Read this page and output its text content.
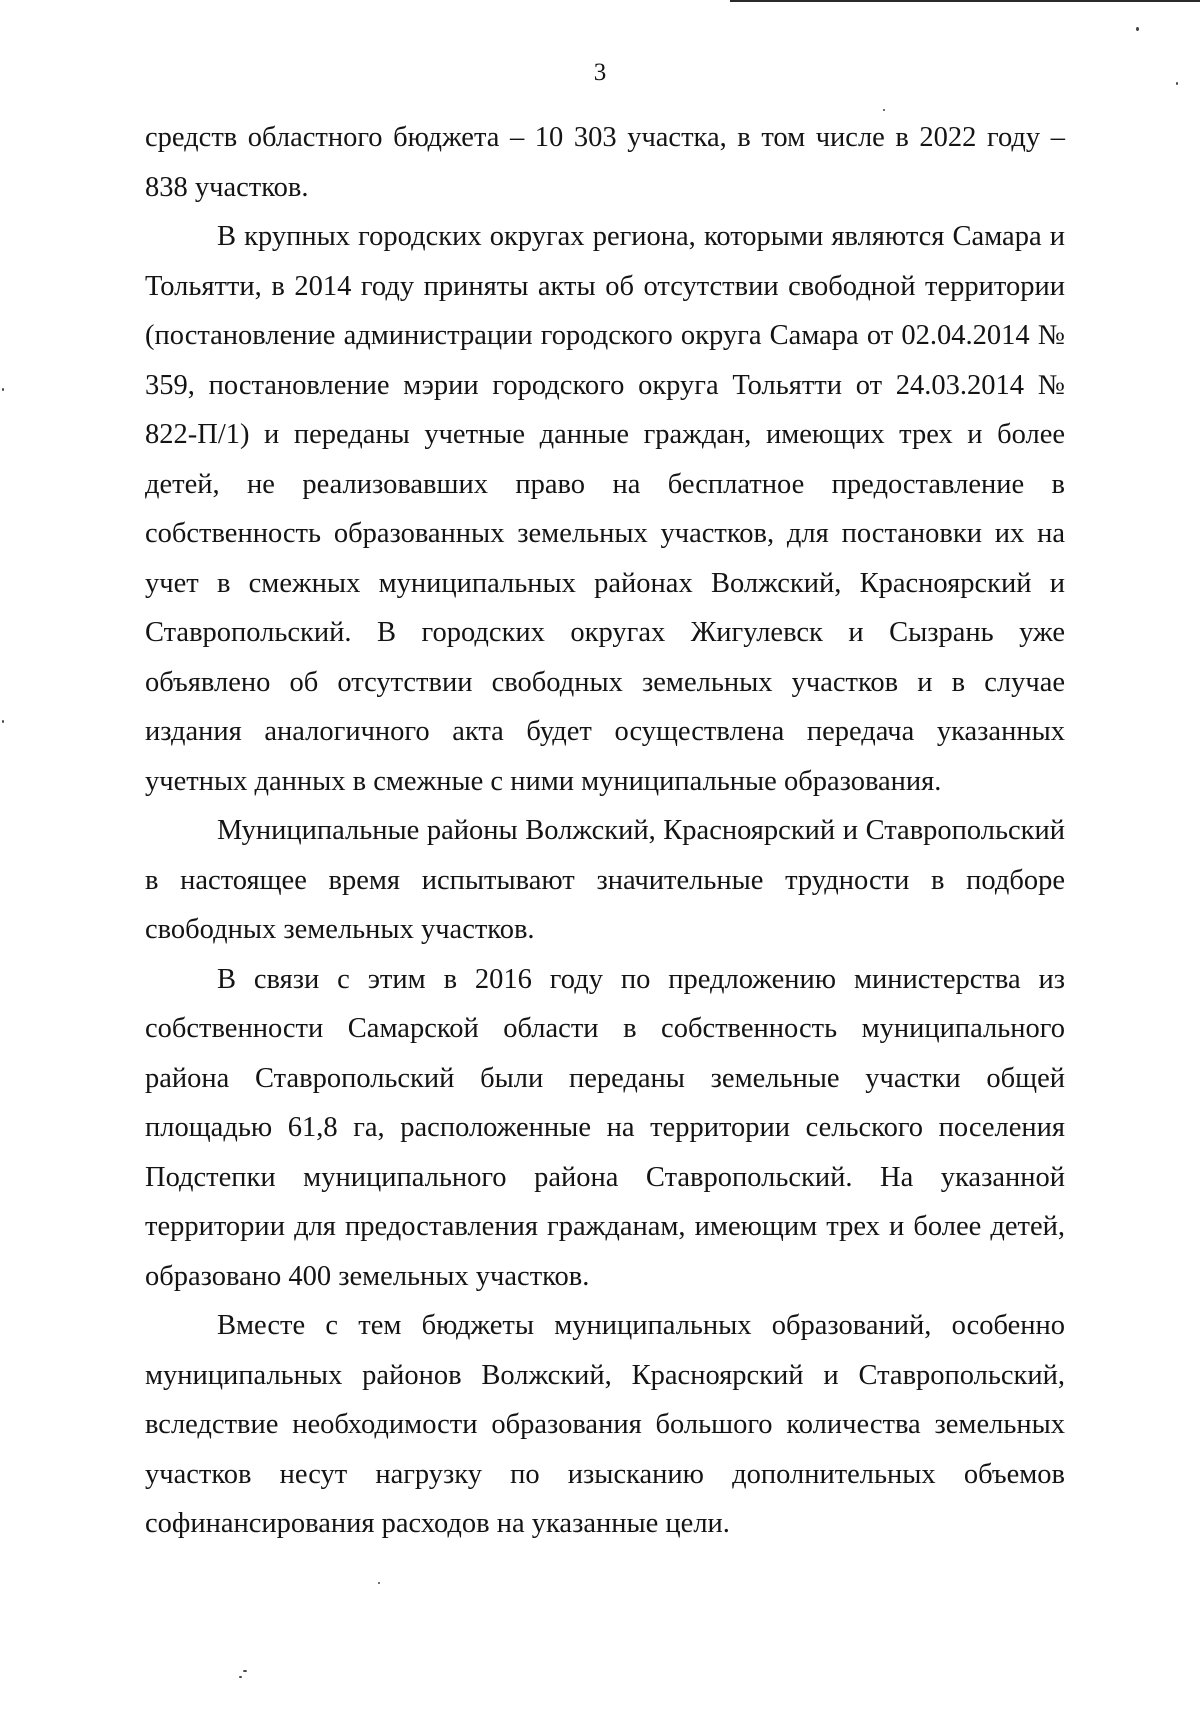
3

средств областного бюджета – 10 303 участка, в том числе в 2022 году – 838 участков.

В крупных городских округах региона, которыми являются Самара и Тольятти, в 2014 году приняты акты об отсутствии свободной территории (постановление администрации городского округа Самара от 02.04.2014 № 359, постановление мэрии городского округа Тольятти от 24.03.2014 № 822-П/1) и переданы учетные данные граждан, имеющих трех и более детей, не реализовавших право на бесплатное предоставление в собственность образованных земельных участков, для постановки их на учет в смежных муниципальных районах Волжский, Красноярский и Ставропольский. В городских округах Жигулевск и Сызрань уже объявлено об отсутствии свободных земельных участков и в случае издания аналогичного акта будет осуществлена передача указанных учетных данных в смежные с ними муниципальные образования.

Муниципальные районы Волжский, Красноярский и Ставропольский в настоящее время испытывают значительные трудности в подборе свободных земельных участков.

В связи с этим в 2016 году по предложению министерства из собственности Самарской области в собственность муниципального района Ставропольский были переданы земельные участки общей площадью 61,8 га, расположенные на территории сельского поселения Подстепки муниципального района Ставропольский. На указанной территории для предоставления гражданам, имеющим трех и более детей, образовано 400 земельных участков.

Вместе с тем бюджеты муниципальных образований, особенно муниципальных районов Волжский, Красноярский и Ставропольский, вследствие необходимости образования большого количества земельных участков несут нагрузку по изысканию дополнительных объемов софинансирования расходов на указанные цели.
